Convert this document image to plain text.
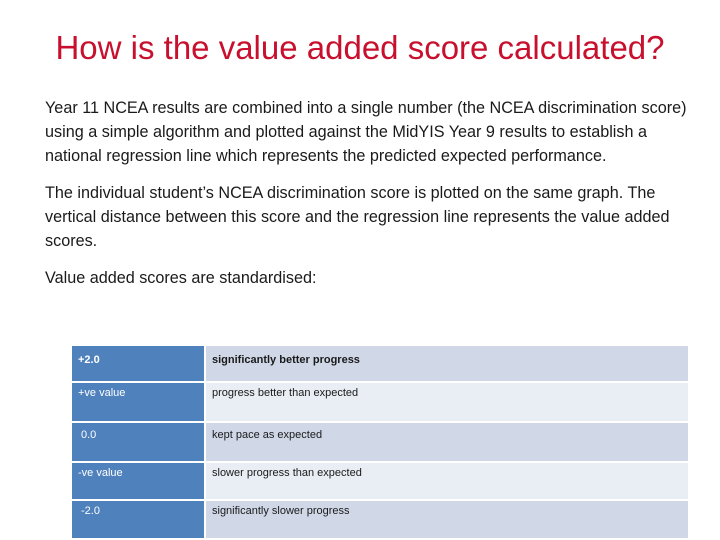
How is the value added score calculated?

Year 11 NCEA results are combined into a single number (the NCEA discrimination score) using a simple algorithm and plotted against the MidYIS Year 9 results to establish a national regression line which represents the predicted expected performance.

The individual student’s NCEA discrimination score is plotted on the same graph. The vertical distance between this score and the regression line represents the value added scores.

Value added scores are standardised:

+2.0	significantly better progress
+ve value	progress better than expected
0.0	kept pace as expected
-ve value	slower progress than expected
-2.0	significantly slower progress
